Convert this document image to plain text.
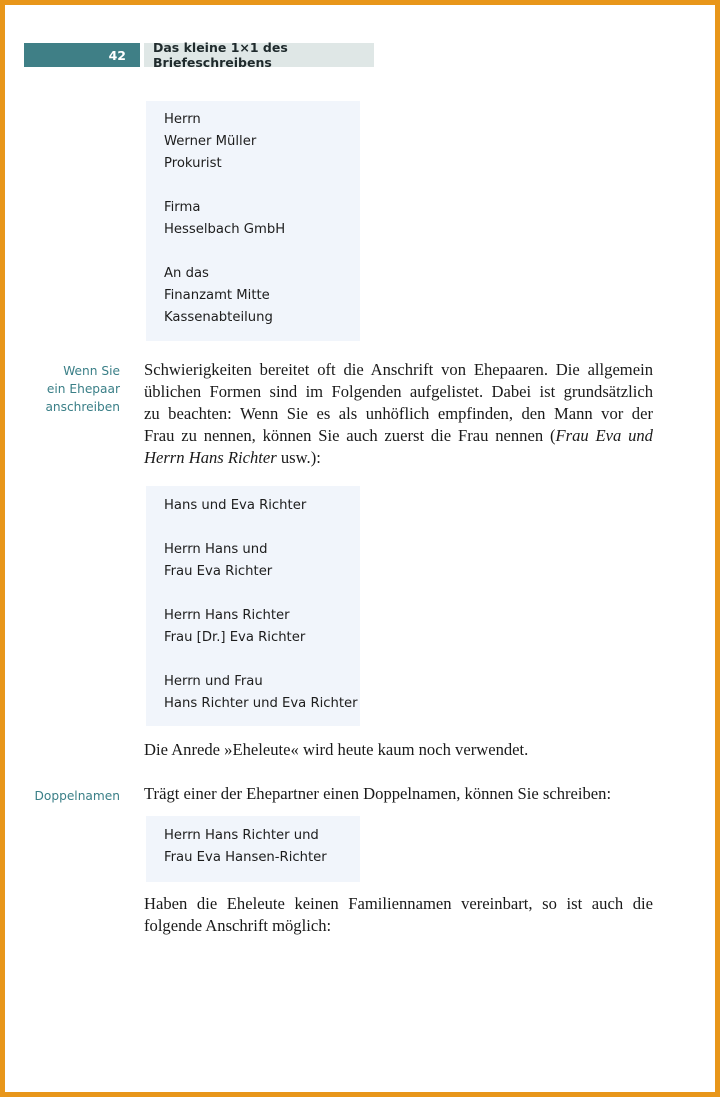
42	Das kleine 1×1 des Briefeschreibens
Herrn
Werner Müller
Prokurist
Firma
Hesselbach GmbH
An das
Finanzamt Mitte
Kassenabteilung
Wenn Sie
ein Ehepaar
anschreiben
Schwierigkeiten bereitet oft die Anschrift von Ehepaaren. Die allgemein
üblichen Formen sind im Folgenden aufgelistet. Dabei ist grundsätzlich
zu beachten: Wenn Sie es als unhöflich empfinden, den Mann vor der
Frau zu nennen, können Sie auch zuerst die Frau nennen (Frau Eva und
Herrn Hans Richter usw.):
Hans und Eva Richter
Herrn Hans und
Frau Eva Richter
Herrn Hans Richter
Frau [Dr.] Eva Richter
Herrn und Frau
Hans Richter und Eva Richter
Die Anrede »Eheleute« wird heute kaum noch verwendet.
Doppelnamen Trägt einer der Ehepartner einen Doppelnamen, können Sie schreiben:
Herrn Hans Richter und
Frau Eva Hansen-Richter
Haben die Eheleute keinen Familiennamen vereinbart, so ist auch die
folgende Anschrift möglich:
